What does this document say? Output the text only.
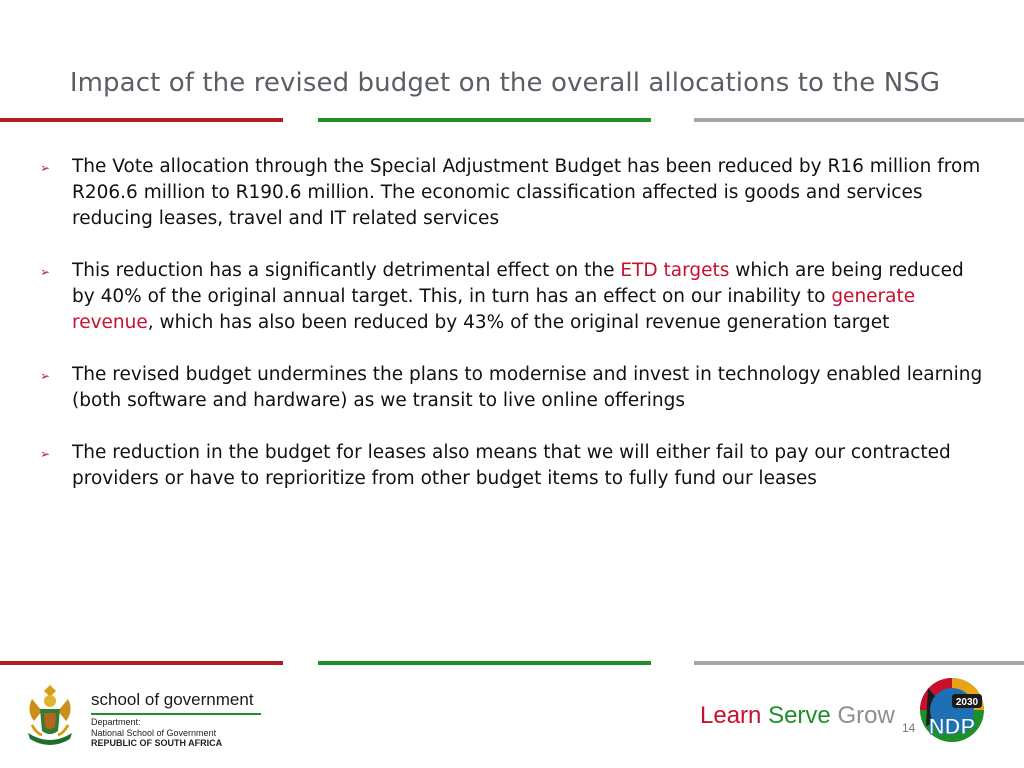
Impact of the revised budget on the overall allocations to the NSG
➢ The Vote allocation through the Special Adjustment Budget has been reduced by R16 million from R206.6 million to R190.6 million. The economic classification affected is goods and services reducing leases, travel and IT related services
➢ This reduction has a significantly detrimental effect on the ETD targets which are being reduced by 40% of the original annual target. This, in turn has an effect on our inability to generate revenue, which has also been reduced by 43% of the original revenue generation target
➢ The revised budget undermines the plans to modernise and invest in technology enabled learning (both software and hardware) as we transit to live online offerings
➢ The reduction in the budget for leases also means that we will either fail to pay our contracted providers or have to reprioritize from other budget items to fully fund our leases
school of government
Department:
National School of Government
REPUBLIC OF SOUTH AFRICA
Learn Serve Grow 14
2030
NDP
